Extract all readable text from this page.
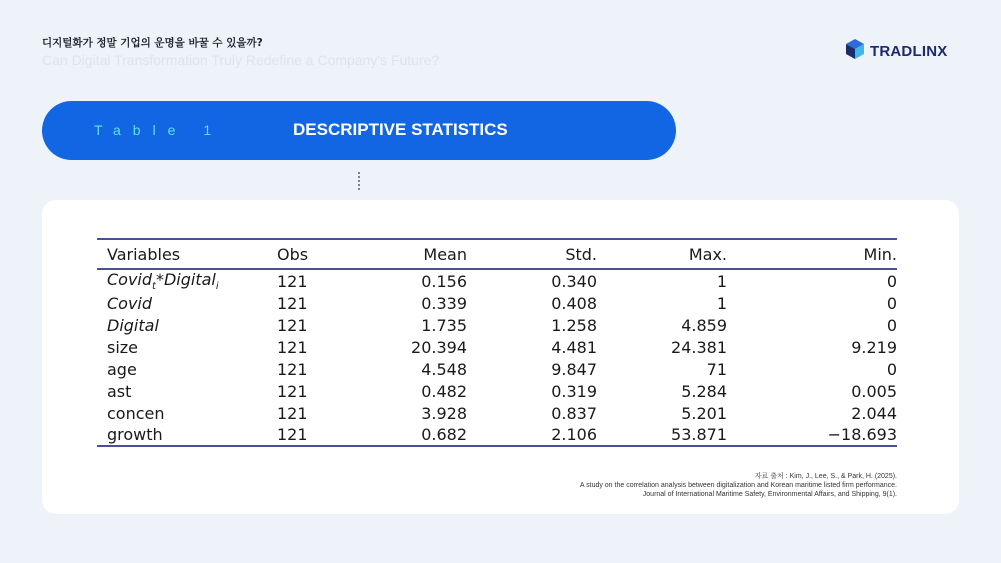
디지털화가 정말 기업의 운명을 바꿀 수 있을까?
Can Digital Transformation Truly Redefine a Company's Future?
TRADLINX
Table 1	DESCRIPTIVE STATISTICS
Variables	Obs	Mean	Std.	Max.	Min.
Covid$_t$*Digital$_i$	121	0.156	0.340	1	0
Covid	121	0.339	0.408	1	0
Digital	121	1.735	1.258	4.859	0
size	121	20.394	4.481	24.381	9.219
age	121	4.548	9.847	71	0
ast	121	0.482	0.319	5.284	0.005
concen	121	3.928	0.837	5.201	2.044
growth	121	0.682	2.106	53.871	−18.693
자료 출처 : Kim, J., Lee, S., & Park, H. (2025).
A study on the correlation analysis between digitalization and Korean maritime listed firm performance.
Journal of International Maritime Safety, Environmental Affairs, and Shipping, 9(1).
